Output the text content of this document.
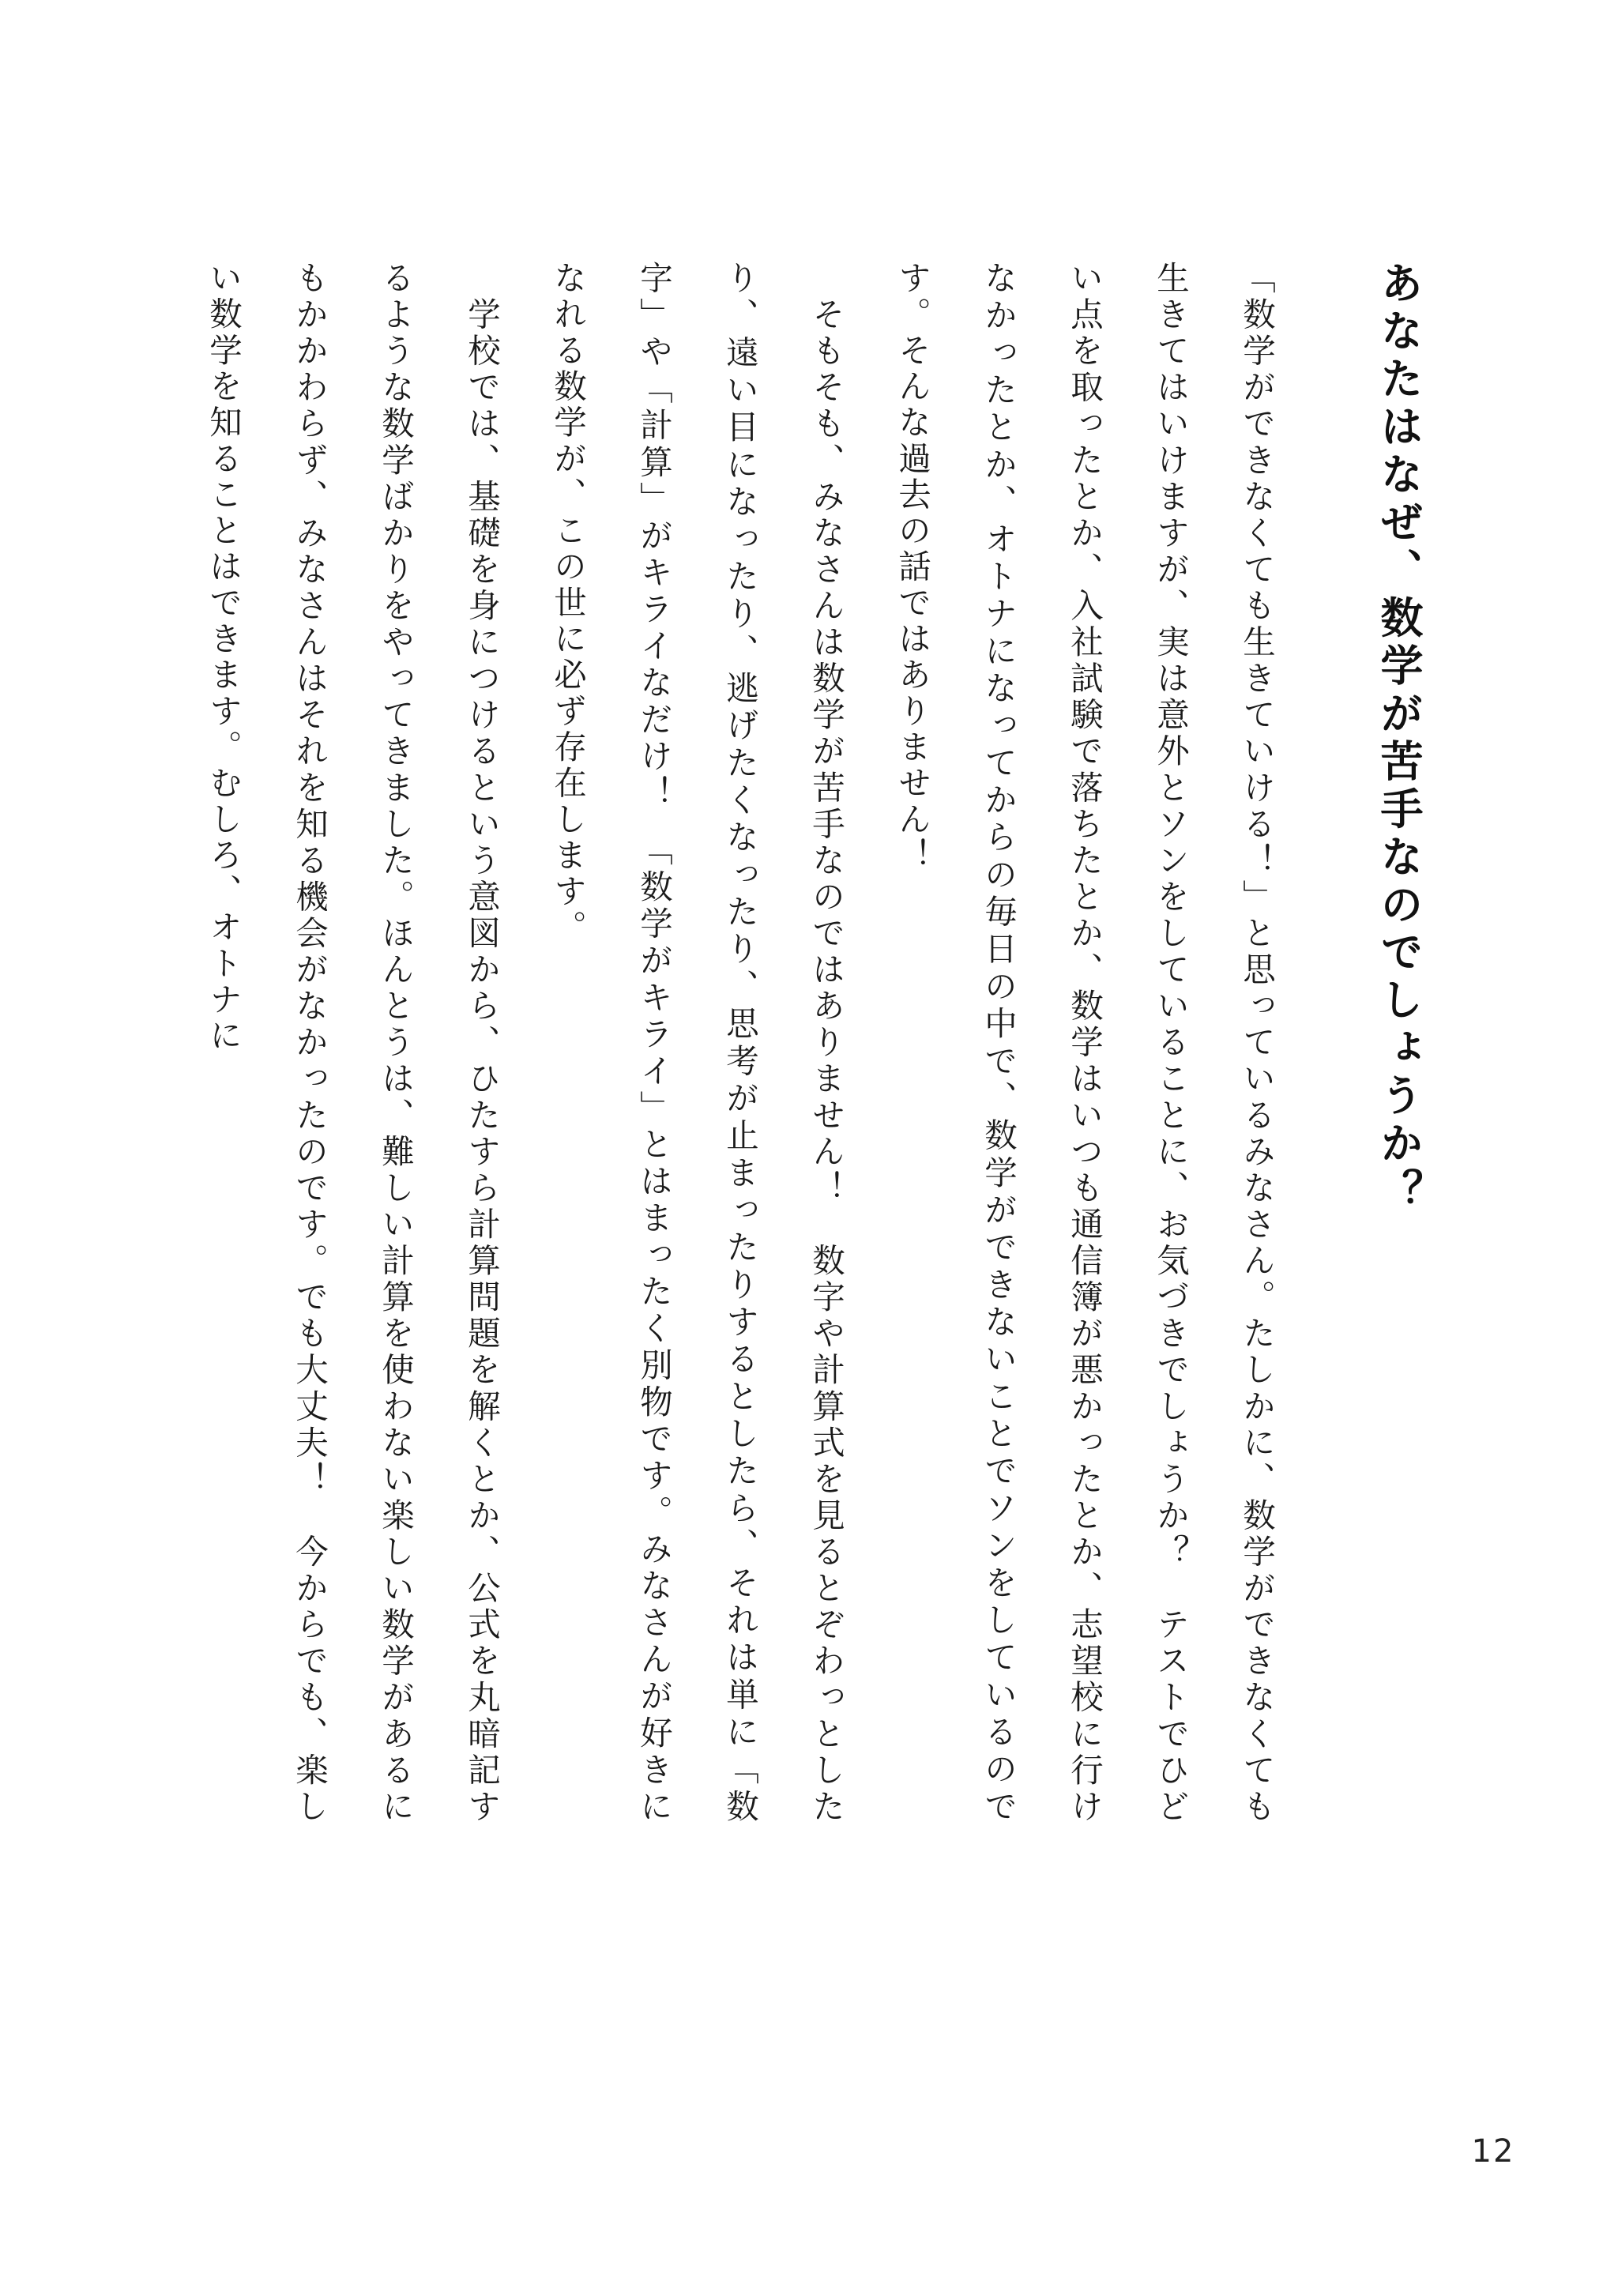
あなたはなぜ、数学が苦手なのでしょうか？

「数学ができなくても生きていける！」と思っているみなさん。たしかに、数学ができなくても生きてはいけますが、実は意外とソンをしていることに、お気づきでしょうか？　テストでひどい点を取ったとか、入社試験で落ちたとか、数学はいつも通信簿が悪かったとか、志望校に行けなかったとか、オトナになってからの毎日の中で、数学ができないことでソンをしているのです。そんな過去の話ではありません！

　そもそも、みなさんは数学が苦手なのではありません！　数字や計算式を見るとぞわっとしたり、遠い目になったり、逃げたくなったり、思考が止まったりするとしたら、それは単に「数字」や「計算」がキライなだけ！　「数学がキライ」とはまったく別物です。みなさんが好きになれる数学が、この世に必ず存在します。

　学校では、基礎を身につけるという意図から、ひたすら計算問題を解くとか、公式を丸暗記するような数学ばかりをやってきました。ほんとうは、難しい計算を使わない楽しい数学があるにもかかわらず、みなさんはそれを知る機会がなかったのです。でも大丈夫！　今からでも、楽しい数学を知ることはできます。むしろ、オトナに

12
